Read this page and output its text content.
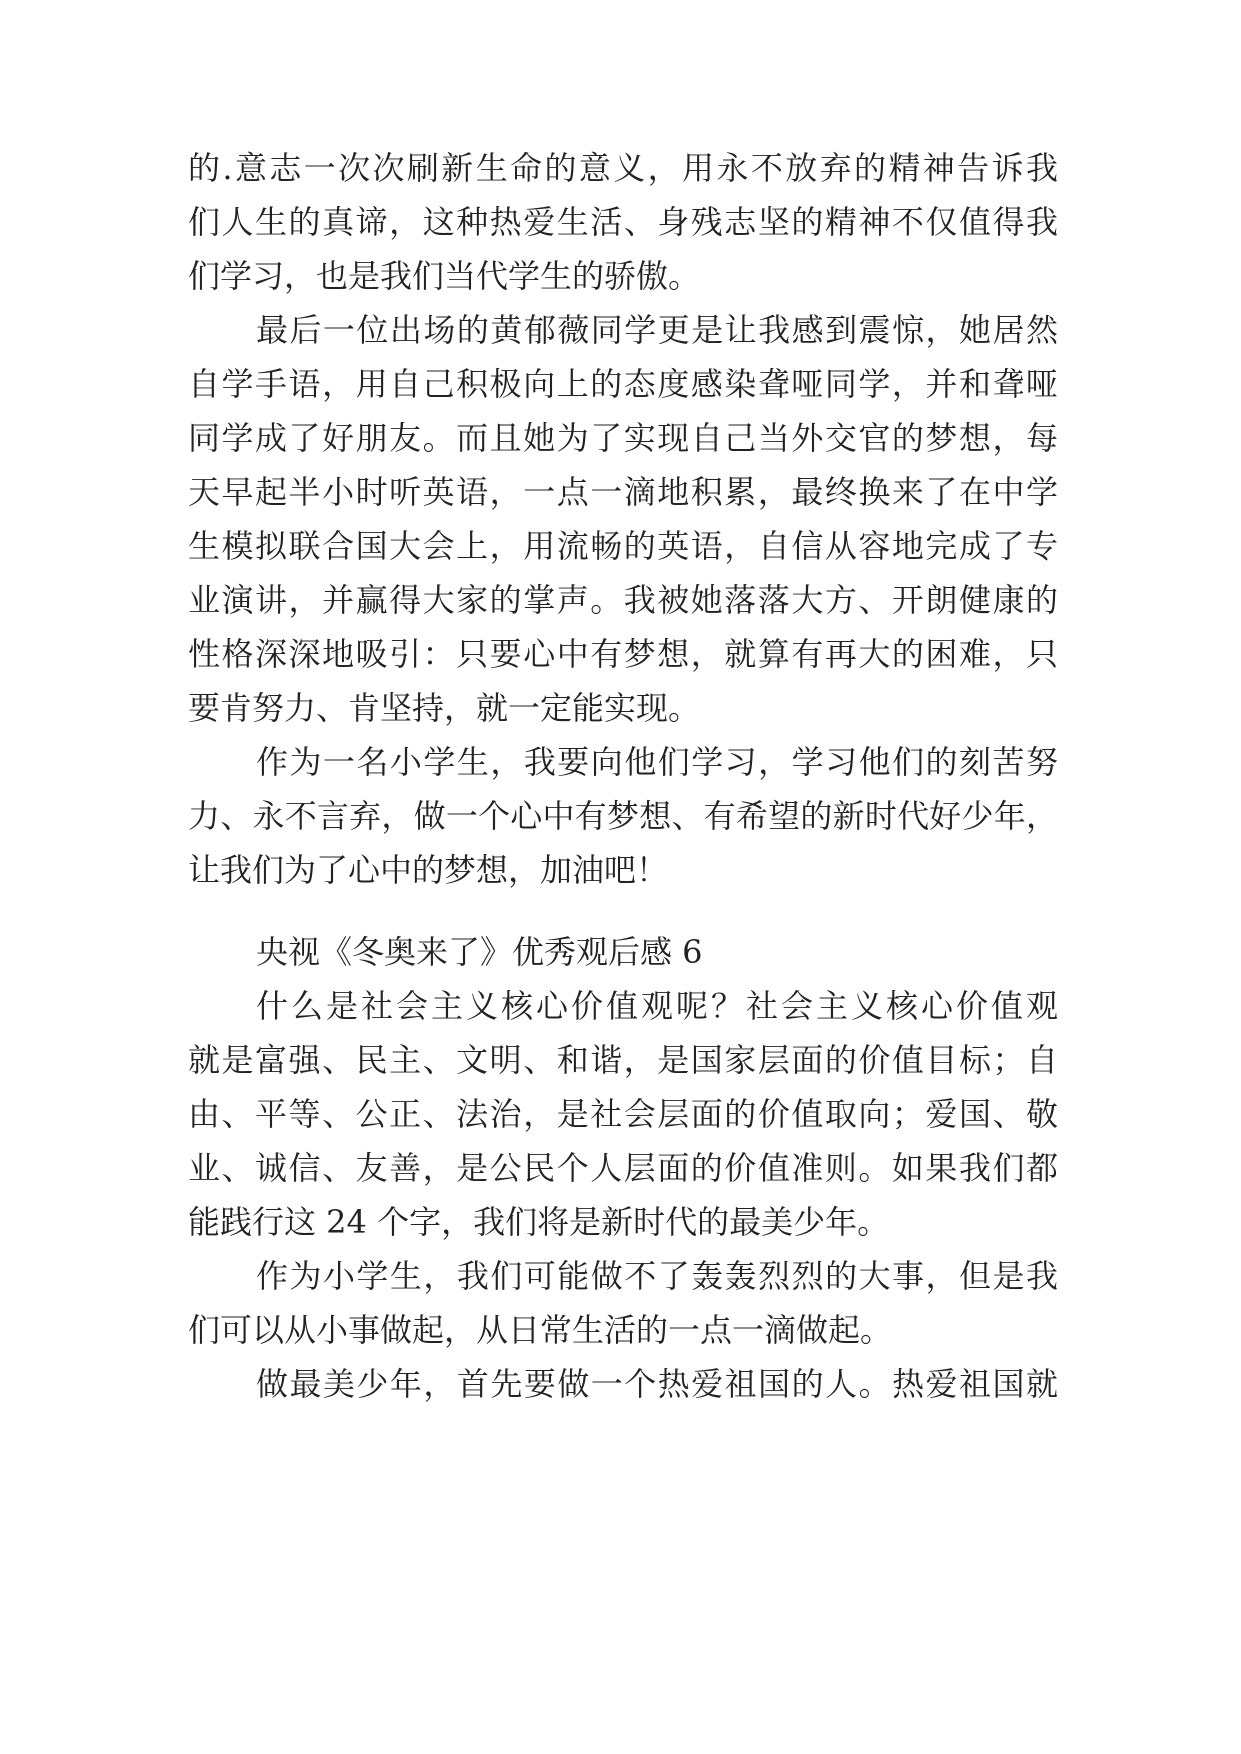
的.意志一次次刷新生命的意义，用永不放弃的精神告诉我
们人生的真谛，这种热爱生活、身残志坚的精神不仅值得我
们学习，也是我们当代学生的骄傲。
最后一位出场的黄郁薇同学更是让我感到震惊，她居然
自学手语，用自己积极向上的态度感染聋哑同学，并和聋哑
同学成了好朋友。而且她为了实现自己当外交官的梦想，每
天早起半小时听英语，一点一滴地积累，最终换来了在中学
生模拟联合国大会上，用流畅的英语，自信从容地完成了专
业演讲，并赢得大家的掌声。我被她落落大方、开朗健康的
性格深深地吸引：只要心中有梦想，就算有再大的困难，只
要肯努力、肯坚持，就一定能实现。
作为一名小学生，我要向他们学习，学习他们的刻苦努
力、永不言弃，做一个心中有梦想、有希望的新时代好少年，
让我们为了心中的梦想，加油吧！
央视《冬奥来了》优秀观后感 6
什么是社会主义核心价值观呢？社会主义核心价值观
就是富强、民主、文明、和谐，是国家层面的价值目标；自
由、平等、公正、法治，是社会层面的价值取向；爱国、敬
业、诚信、友善，是公民个人层面的价值准则。如果我们都
能践行这 24 个字，我们将是新时代的最美少年。
作为小学生，我们可能做不了轰轰烈烈的大事，但是我
们可以从小事做起，从日常生活的一点一滴做起。
做最美少年，首先要做一个热爱祖国的人。热爱祖国就
